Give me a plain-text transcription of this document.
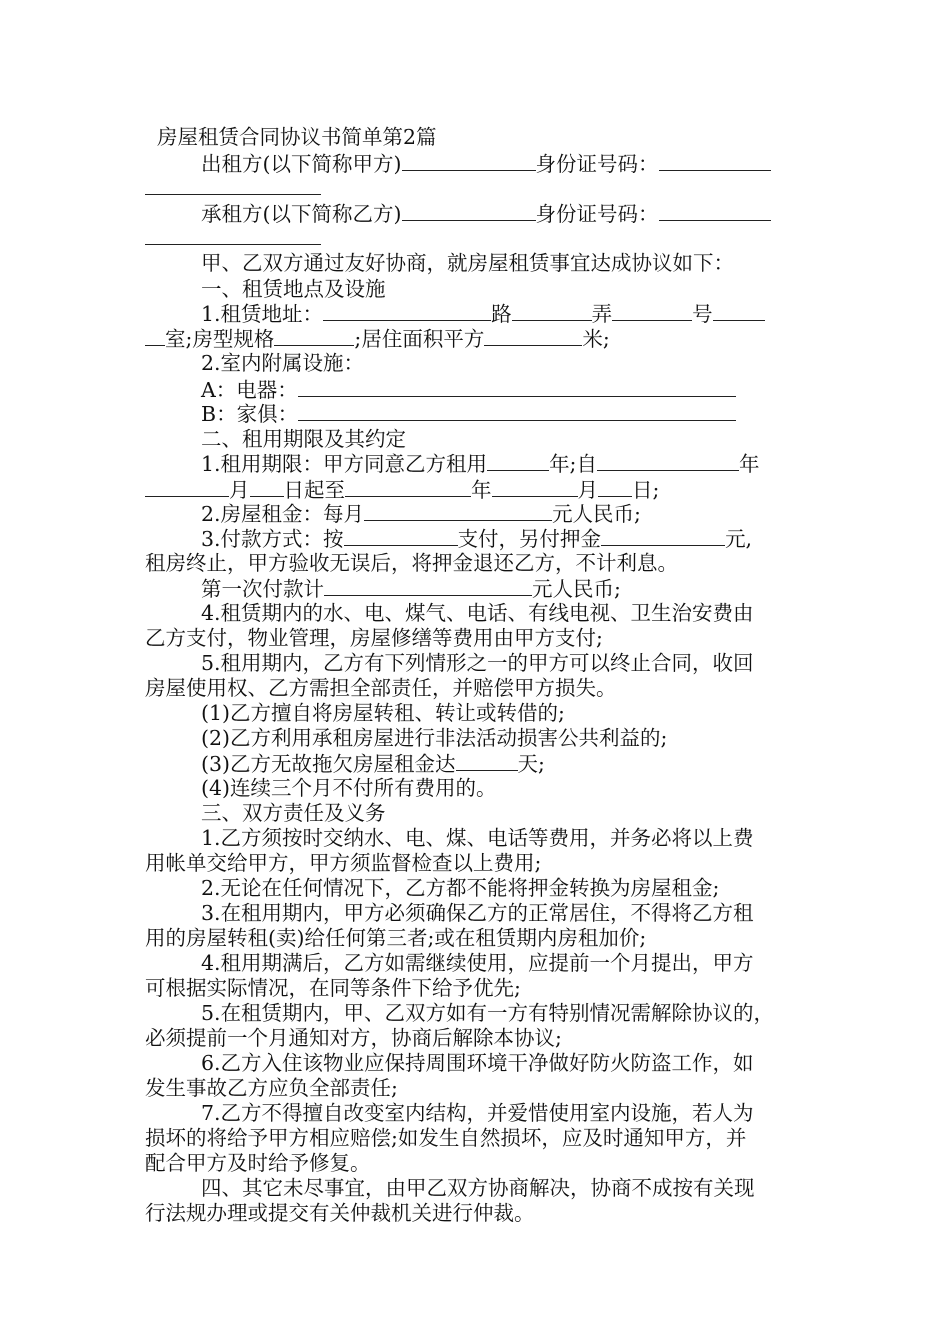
房屋租赁合同协议书简单第2篇
出租方(以下简称甲方)	身份证号码：
承租方(以下简称乙方)	身份证号码：
甲、乙双方通过友好协商，就房屋租赁事宜达成协议如下：
一、租赁地点及设施
1.租赁地址：	路	弄	号
室;房型规格	;居住面积平方	米;
2.室内附属设施：
A：电器：
B：家俱：
二、租用期限及其约定
1.租用期限：甲方同意乙方租用	年;自	年
月 日起至	年	月 日;
2.房屋租金：每月	元人民币;
3.付款方式：按	支付，另付押金	元,
租房终止，甲方验收无误后，将押金退还乙方，不计利息。
第一次付款计	元人民币;
4.租赁期内的水、电、煤气、电话、有线电视、卫生治安费由
乙方支付，物业管理，房屋修缮等费用由甲方支付;
5.租用期内，乙方有下列情形之一的甲方可以终止合同，收回
房屋使用权、乙方需担全部责任，并赔偿甲方损失。
(1)乙方擅自将房屋转租、转让或转借的;
(2)乙方利用承租房屋进行非法活动损害公共利益的;
(3)乙方无故拖欠房屋租金达	天;
(4)连续三个月不付所有费用的。
三、双方责任及义务
1.乙方须按时交纳水、电、煤、电话等费用，并务必将以上费
用帐单交给甲方，甲方须监督检查以上费用;
2.无论在任何情况下，乙方都不能将押金转换为房屋租金;
3.在租用期内，甲方必须确保乙方的正常居住，不得将乙方租
用的房屋转租(卖)给任何第三者;或在租赁期内房租加价;
4.租用期满后，乙方如需继续使用，应提前一个月提出，甲方
可根据实际情况，在同等条件下给予优先;
5.在租赁期内，甲、乙双方如有一方有特别情况需解除协议的，
必须提前一个月通知对方，协商后解除本协议;
6.乙方入住该物业应保持周围环境干净做好防火防盗工作，如
发生事故乙方应负全部责任;
7.乙方不得擅自改变室内结构，并爱惜使用室内设施，若人为
损坏的将给予甲方相应赔偿;如发生自然损坏，应及时通知甲方，并
配合甲方及时给予修复。
四、其它未尽事宜，由甲乙双方协商解决，协商不成按有关现
行法规办理或提交有关仲裁机关进行仲裁。
